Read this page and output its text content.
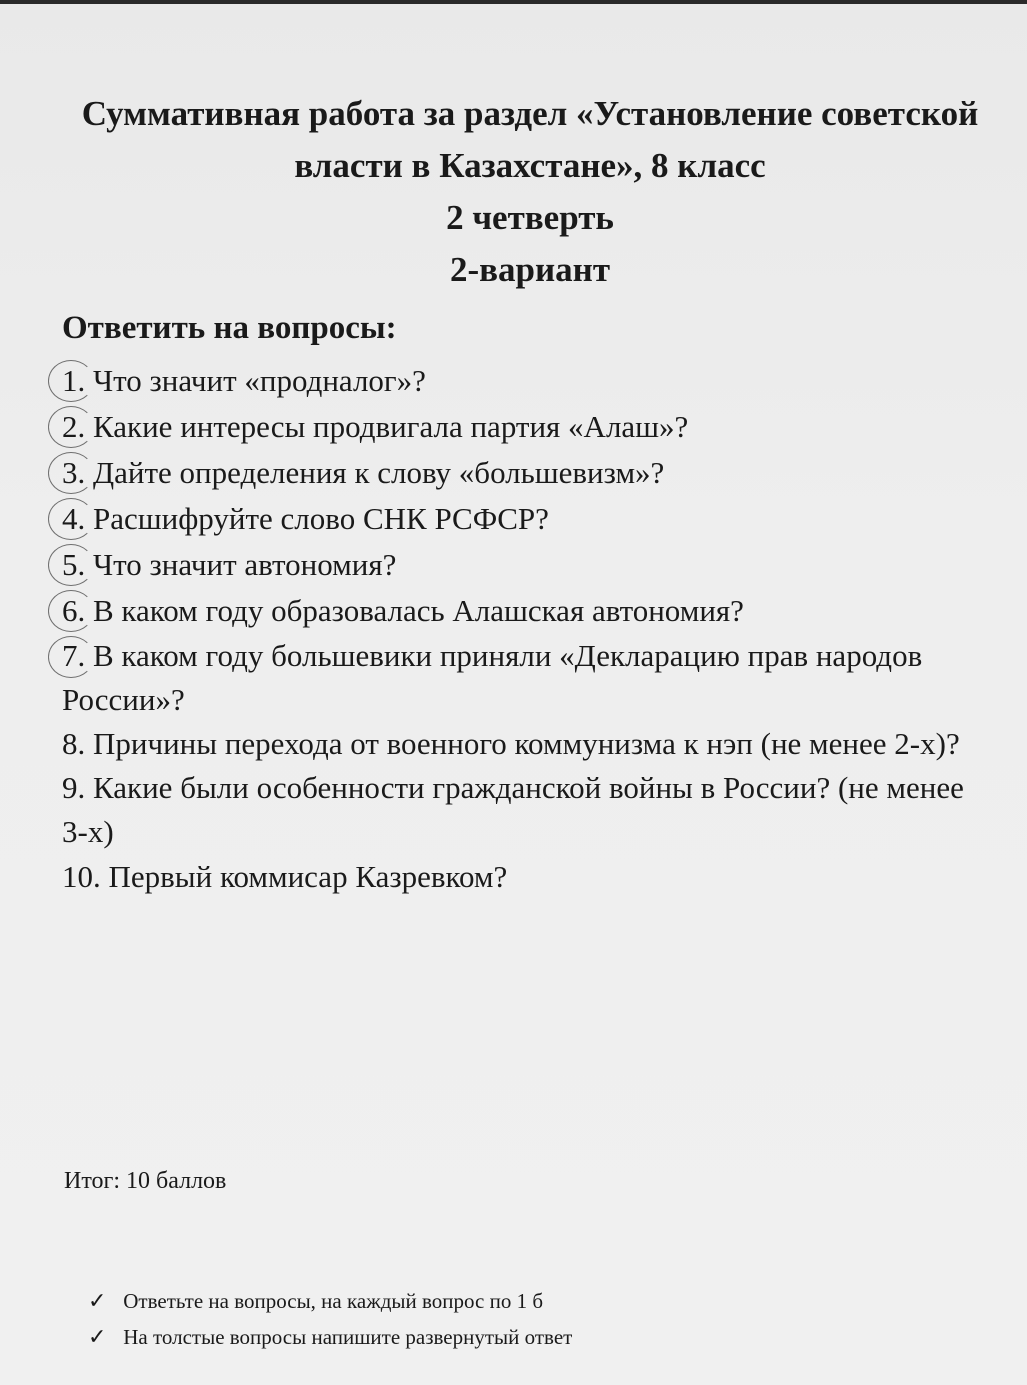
Суммативная работа за раздел «Установление советской
власти в Казахстане», 8 класс
2 четверть
2-вариант
Ответить на вопросы:

1. Что значит «продналог»?

2. Какие интересы продвигала партия «Алаш»?

3. Дайте определения к слову «большевизм»?

4. Расшифруйте слово СНК РСФСР?

5. Что значит автономия?

6. В каком году образовалась Алашская автономия?

7. В каком году большевики приняли «Декларацию прав народов России»?

8. Причины перехода от военного коммунизма к нэп (не менее 2-х)?

9. Какие были особенности гражданской войны в России? (не менее 3-х)

10. Первый коммисар Казревком?

Итог: 10 баллов
✓ Ответьте на вопросы, на каждый вопрос по 1 б
✓ На толстые вопросы напишите развернутый ответ
